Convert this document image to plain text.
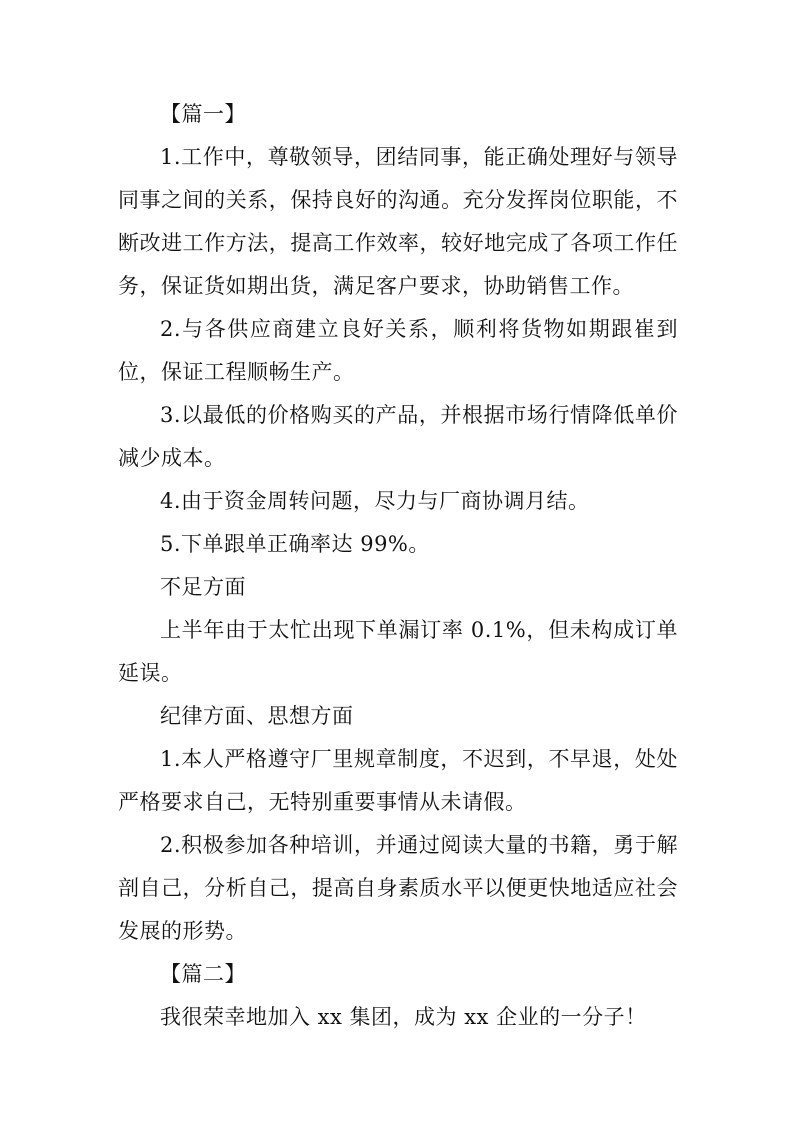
【篇一】

1.工作中，尊敬领导，团结同事，能正确处理好与领导同事之间的关系，保持良好的沟通。充分发挥岗位职能，不断改进工作方法，提高工作效率，较好地完成了各项工作任务，保证货如期出货，满足客户要求，协助销售工作。

2.与各供应商建立良好关系，顺利将货物如期跟崔到位，保证工程顺畅生产。

3.以最低的价格购买的产品，并根据市场行情降低单价减少成本。

4.由于资金周转问题，尽力与厂商协调月结。

5.下单跟单正确率达 99%。

不足方面

上半年由于太忙出现下单漏订率 0.1%，但未构成订单延误。

纪律方面、思想方面

1.本人严格遵守厂里规章制度，不迟到，不早退，处处严格要求自己，无特别重要事情从未请假。

2.积极参加各种培训，并通过阅读大量的书籍，勇于解剖自己，分析自己，提高自身素质水平以便更快地适应社会发展的形势。

【篇二】

我很荣幸地加入 xx 集团，成为 xx 企业的一分子！
